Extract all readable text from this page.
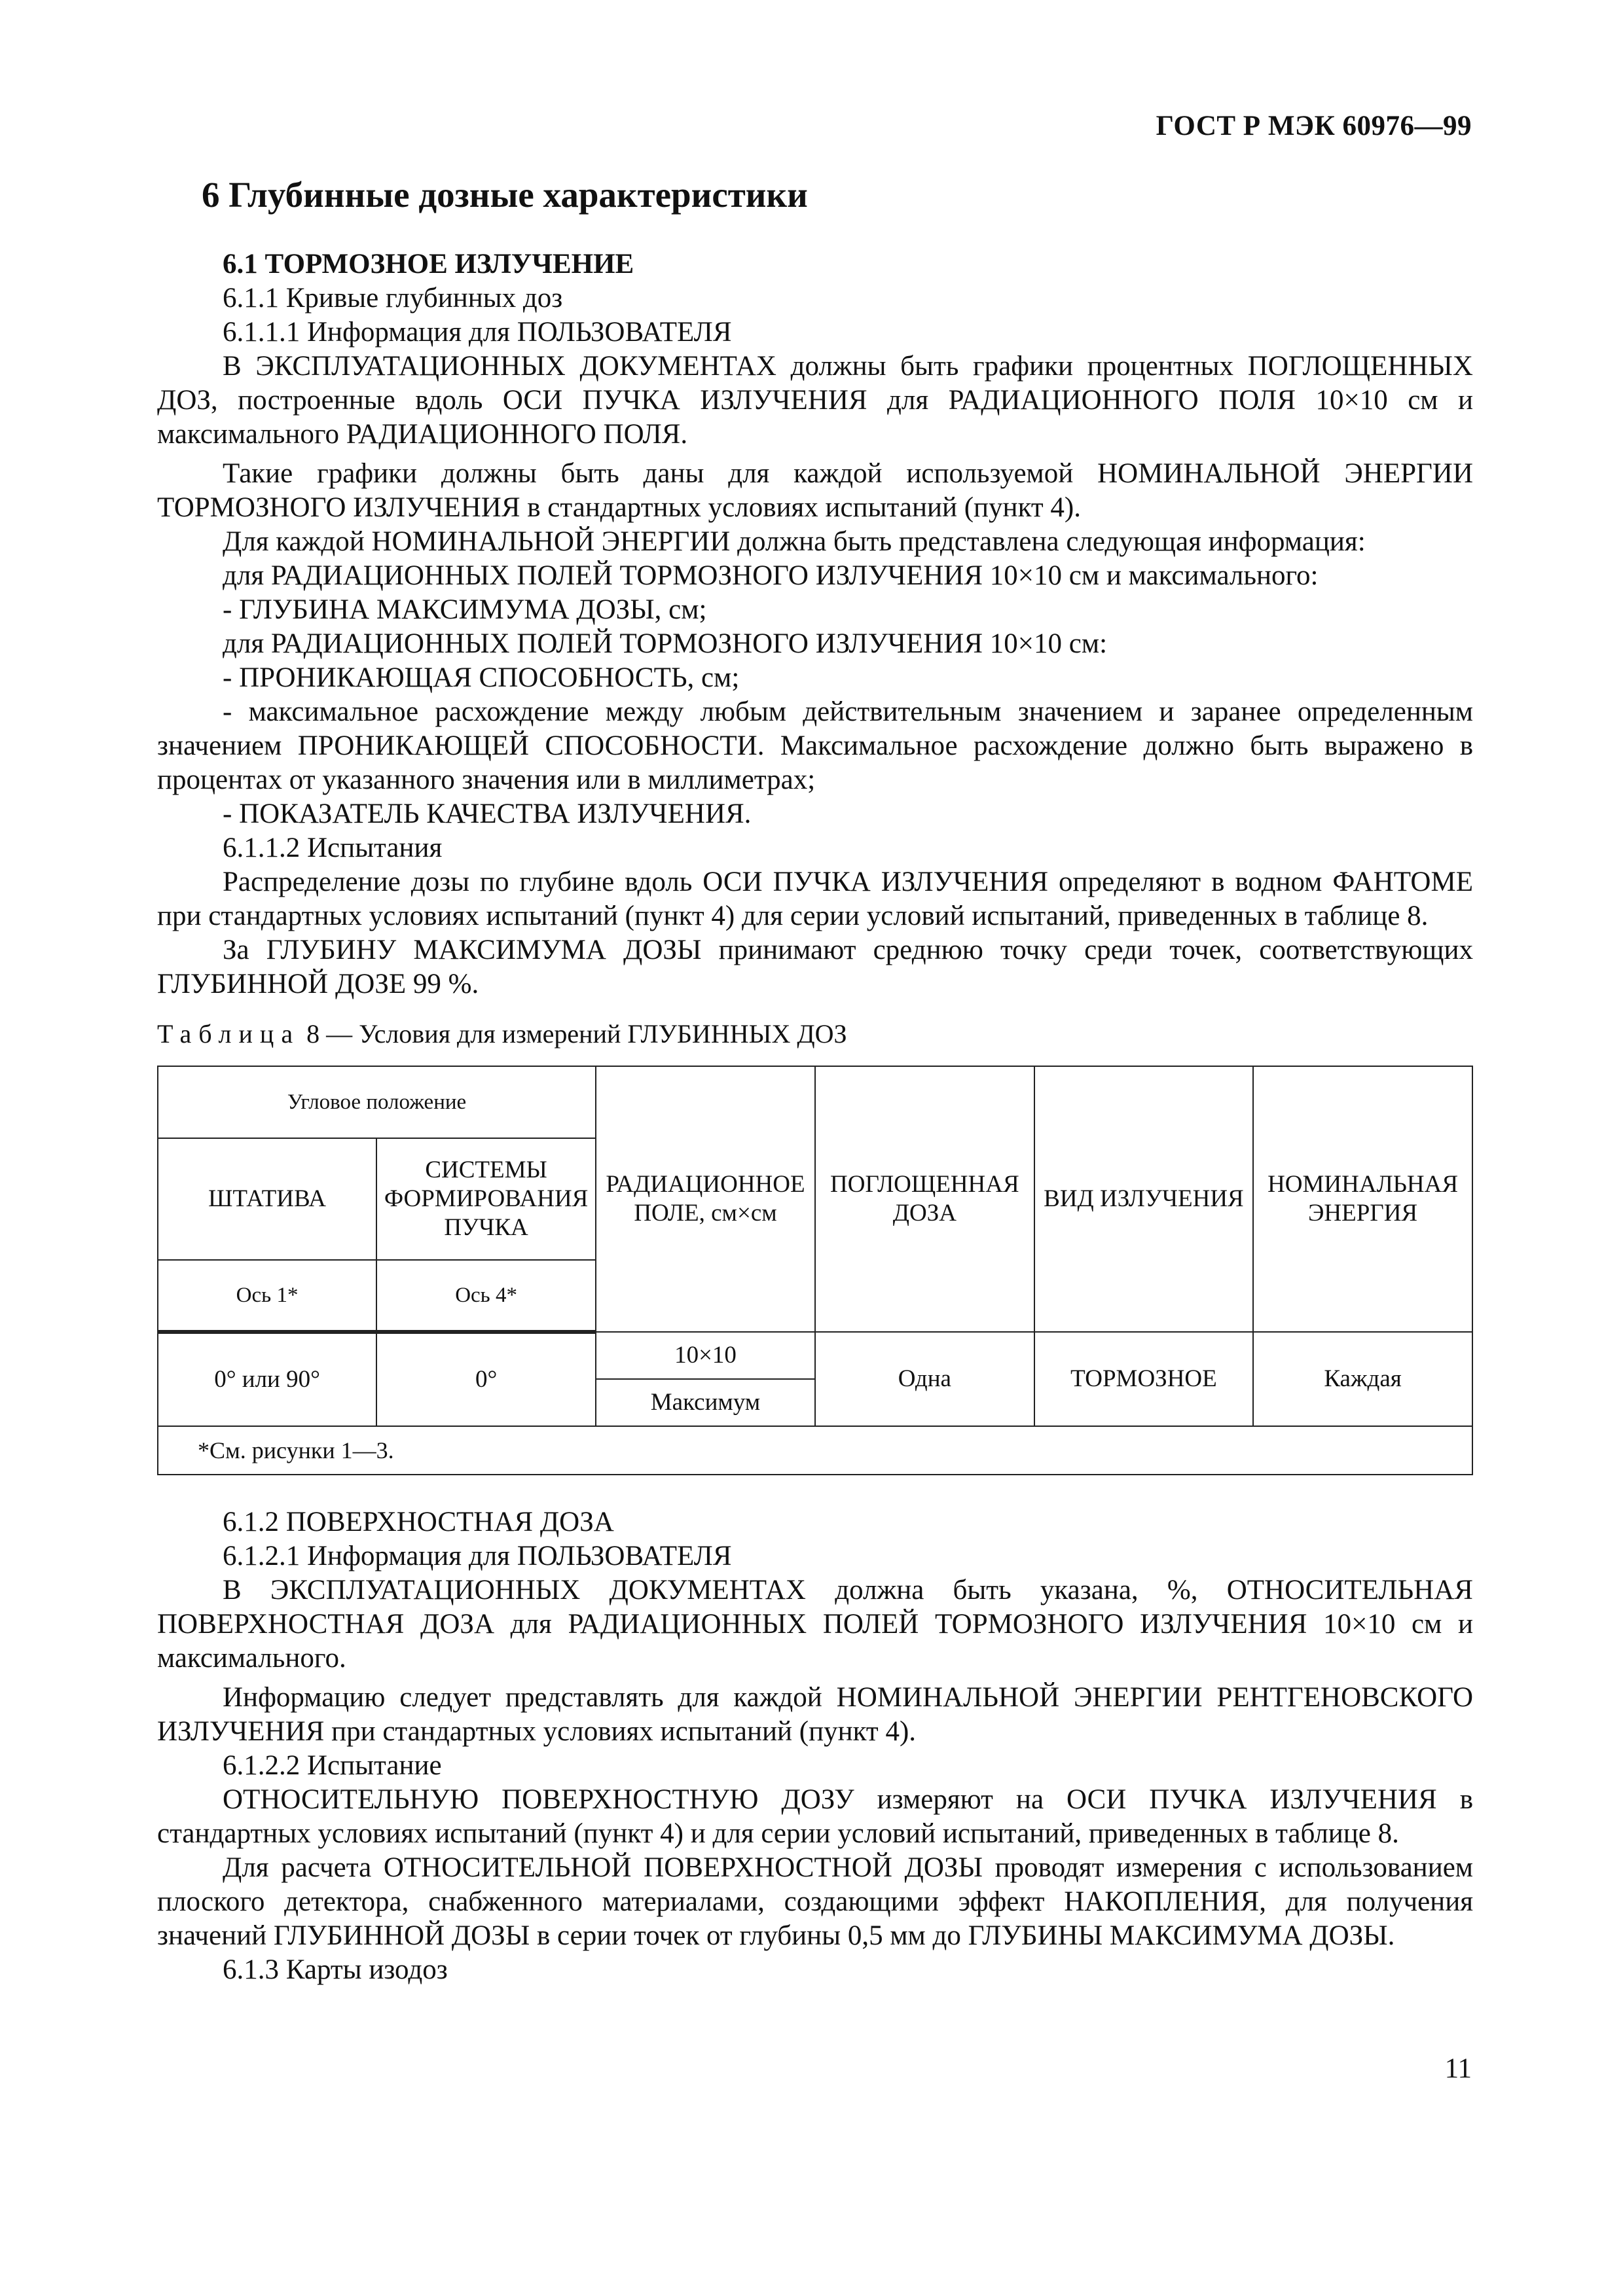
ГОСТ Р МЭК 60976—99
6 Глубинные дозные характеристики

6.1 ТОРМОЗНОЕ ИЗЛУЧЕНИЕ

6.1.1 Кривые глубинных доз

6.1.1.1 Информация для ПОЛЬЗОВАТЕЛЯ

В ЭКСПЛУАТАЦИОННЫХ ДОКУМЕНТАХ должны быть графики процентных ПОГЛОЩЕННЫХ ДОЗ, построенные вдоль ОСИ ПУЧКА ИЗЛУЧЕНИЯ для РАДИАЦИОННОГО ПОЛЯ 10×10 см и максимального РАДИАЦИОННОГО ПОЛЯ.

Такие графики должны быть даны для каждой используемой НОМИНАЛЬНОЙ ЭНЕРГИИ ТОРМОЗНОГО ИЗЛУЧЕНИЯ в стандартных условиях испытаний (пункт 4).

Для каждой НОМИНАЛЬНОЙ ЭНЕРГИИ должна быть представлена следующая информация:

для РАДИАЦИОННЫХ ПОЛЕЙ ТОРМОЗНОГО ИЗЛУЧЕНИЯ 10×10 см и максимального:

- ГЛУБИНА МАКСИМУМА ДОЗЫ, см;

для РАДИАЦИОННЫХ ПОЛЕЙ ТОРМОЗНОГО ИЗЛУЧЕНИЯ 10×10 см:

- ПРОНИКАЮЩАЯ СПОСОБНОСТЬ, см;

- максимальное расхождение между любым действительным значением и заранее определенным значением ПРОНИКАЮЩЕЙ СПОСОБНОСТИ. Максимальное расхождение должно быть выражено в процентах от указанного значения или в миллиметрах;

- ПОКАЗАТЕЛЬ КАЧЕСТВА ИЗЛУЧЕНИЯ.

6.1.1.2 Испытания

Распределение дозы по глубине вдоль ОСИ ПУЧКА ИЗЛУЧЕНИЯ определяют в водном ФАНТОМЕ при стандартных условиях испытаний (пункт 4) для серии условий испытаний, приведенных в таблице 8.

За ГЛУБИНУ МАКСИМУМА ДОЗЫ принимают среднюю точку среди точек, соответствующих ГЛУБИННОЙ ДОЗЕ 99 %.

Таблица 8 — Условия для измерений ГЛУБИННЫХ ДОЗ
Угловое положение		РАДИАЦИОННОЕ ПОЛЕ, см×см	ПОГЛОЩЕННАЯ ДОЗА	ВИД ИЗЛУЧЕНИЯ	НОМИНАЛЬНАЯ ЭНЕРГИЯ
ШТАТИВА	СИСТЕМЫ ФОРМИРОВАНИЯ ПУЧКА				
Ось 1*	Ось 4*				
0° или 90°	0°	10×10	Одна	ТОРМОЗНОЕ	Каждая
		Максимум			
*См. рисунки 1—3.					

6.1.2 ПОВЕРХНОСТНАЯ ДОЗА

6.1.2.1 Информация для ПОЛЬЗОВАТЕЛЯ

В ЭКСПЛУАТАЦИОННЫХ ДОКУМЕНТАХ должна быть указана, %, ОТНОСИТЕЛЬНАЯ ПОВЕРХНОСТНАЯ ДОЗА для РАДИАЦИОННЫХ ПОЛЕЙ ТОРМОЗНОГО ИЗЛУЧЕНИЯ 10×10 см и максимального.

Информацию следует представлять для каждой НОМИНАЛЬНОЙ ЭНЕРГИИ РЕНТГЕНОВСКОГО ИЗЛУЧЕНИЯ при стандартных условиях испытаний (пункт 4).

6.1.2.2 Испытание

ОТНОСИТЕЛЬНУЮ ПОВЕРХНОСТНУЮ ДОЗУ измеряют на ОСИ ПУЧКА ИЗЛУЧЕНИЯ в стандартных условиях испытаний (пункт 4) и для серии условий испытаний, приведенных в таблице 8.

Для расчета ОТНОСИТЕЛЬНОЙ ПОВЕРХНОСТНОЙ ДОЗЫ проводят измерения с использованием плоского детектора, снабженного материалами, создающими эффект НАКОПЛЕНИЯ, для получения значений ГЛУБИННОЙ ДОЗЫ в серии точек от глубины 0,5 мм до ГЛУБИНЫ МАКСИМУМА ДОЗЫ.

6.1.3 Карты изодоз

11
